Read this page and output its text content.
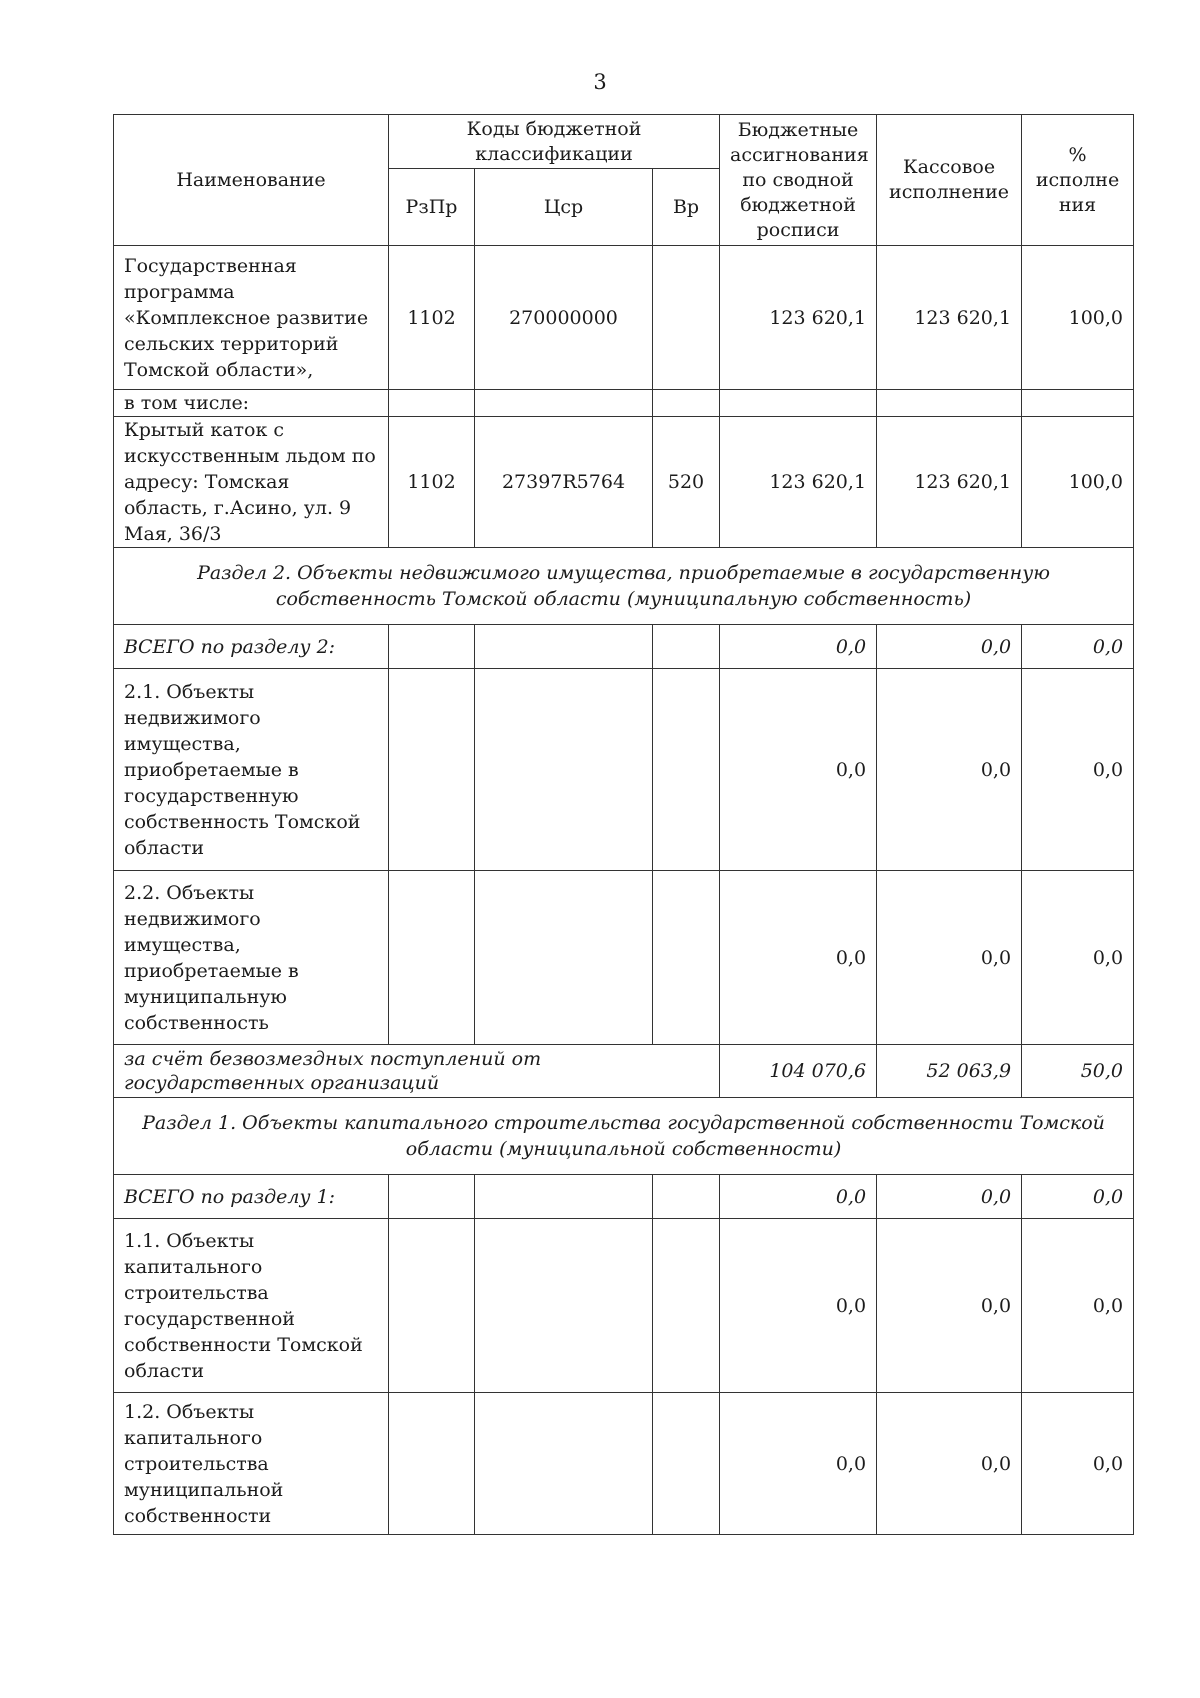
3
Наименование	Коды бюджетной классификации			Бюджетные ассигнования по сводной бюджетной росписи	Кассовое исполнение	% исполне ния
	РзПр	Цср	Вр			
Государственная программа «Комплексное развитие сельских территорий Томской области»,	1102	270000000		123 620,1	123 620,1	100,0
в том числе:						
Крытый каток с искусственным льдом по адресу: Томская область, г.Асино, ул. 9 Мая, 36/3	1102	27397R5764	520	123 620,1	123 620,1	100,0
Раздел 2. Объекты недвижимого имущества, приобретаемые в государственную собственность Томской области (муниципальную собственность)						
ВСЕГО по разделу 2:				0,0	0,0	0,0
2.1. Объекты недвижимого имущества, приобретаемые в государственную собственность Томской области				0,0	0,0	0,0
2.2. Объекты недвижимого имущества, приобретаемые в муниципальную собственность				0,0	0,0	0,0
за счёт безвозмездных поступлений от государственных организаций				104 070,6	52 063,9	50,0
Раздел 1. Объекты капитального строительства государственной собственности Томской области (муниципальной собственности)						
ВСЕГО по разделу 1:				0,0	0,0	0,0
1.1. Объекты капитального строительства государственной собственности Томской области				0,0	0,0	0,0
1.2. Объекты капитального строительства муниципальной собственности				0,0	0,0	0,0
